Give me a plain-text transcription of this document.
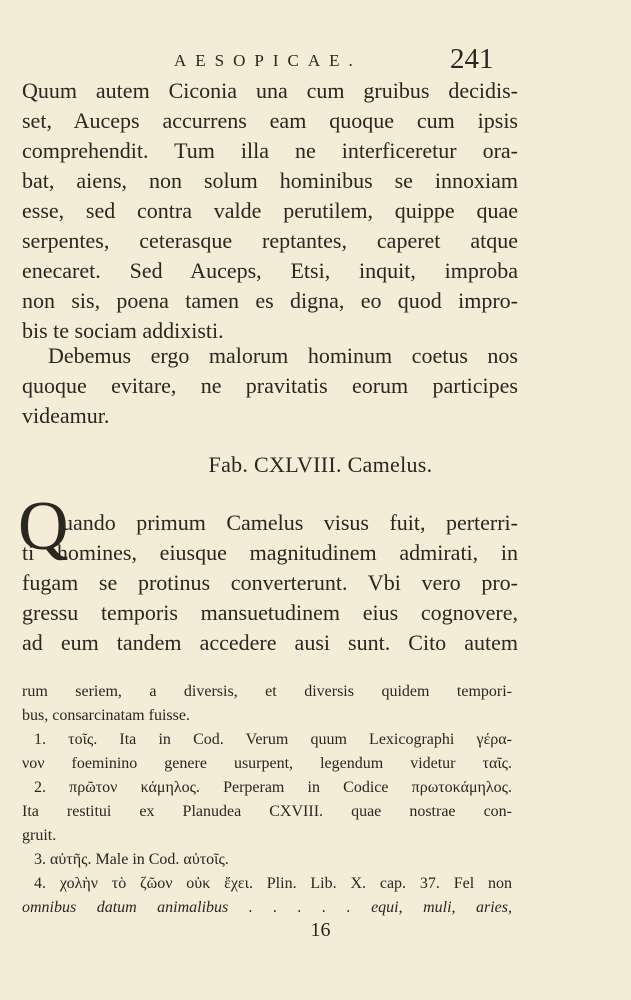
AESOPICAE.	241
Quum autem Ciconia una cum gruibus decidis-
set, Auceps accurrens eam quoque cum ipsis
comprehendit. Tum illa ne interficeretur ora-
bat, aiens, non solum hominibus se innoxiam
esse, sed contra valde perutilem, quippe quae
serpentes, ceterasque reptantes, caperet atque
enecaret. Sed Auceps, Etsi, inquit, improba
non sis, poena tamen es digna, eo quod impro-
bis te sociam addixisti.
Debemus ergo malorum hominum coetus nos
quoque evitare, ne pravitatis eorum participes
videamur.
Fab. CXLVIII. Camelus.
Q
uando primum Camelus visus fuit, perterri-
ti homines, eiusque magnitudinem admirati, in
fugam se protinus converterunt. Vbi vero pro-
gressu temporis mansuetudinem eius cognovere,
ad eum tandem accedere ausi sunt. Cito autem
rum seriem, a diversis, et diversis quidem tempori-
bus, consarcinatam fuisse.
1. τοῖς. Ita in Cod. Verum quum Lexicographi γέρα-
νον foeminino genere usurpent, legendum videtur ταῖς.
2. πρῶτον κάμηλος. Perperam in Codice πρωτοκάμηλος.
Ita restitui ex Planudea CXVIII. quae nostrae con-
gruit.
3. αὐτῆς. Male in Cod. αὐτοῖς.
4. χολὴν τὸ ζῶον οὐκ ἔχει. Plin. Lib. X. cap. 37. Fel non
omnibus datum animalibus . . . . . equi, muli, aries,
16
